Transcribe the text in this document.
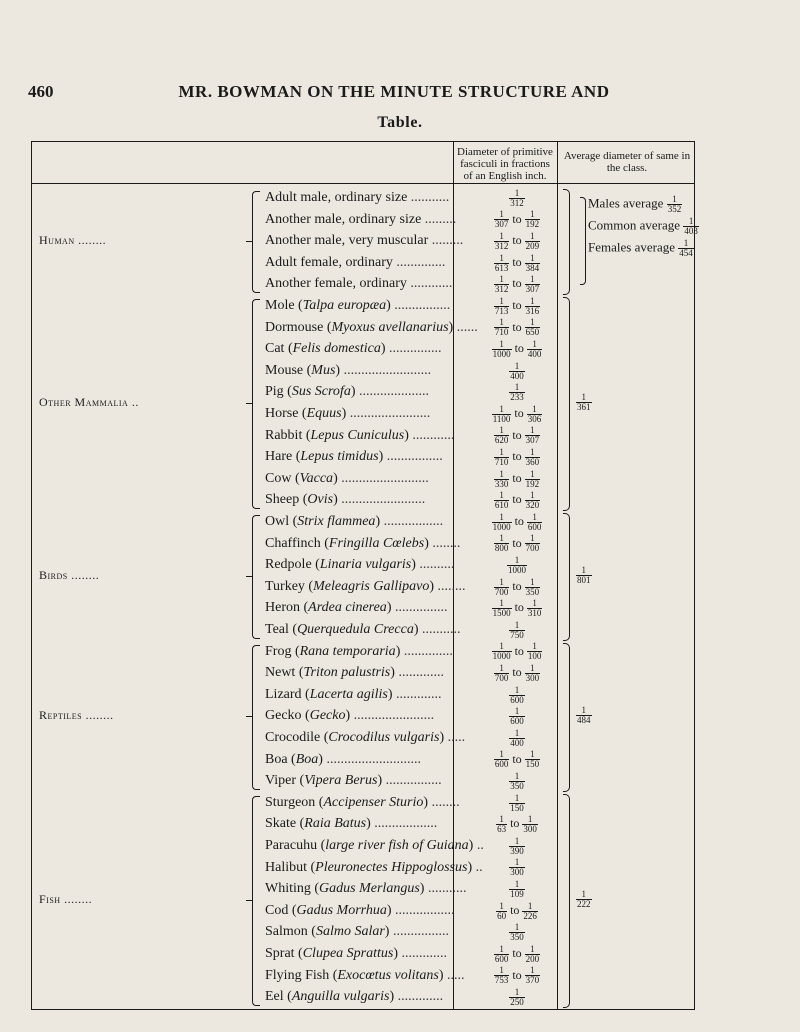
460	MR. BOWMAN ON THE MINUTE STRUCTURE AND
Table.
Diameter of primitive fasciculi in fractions of an English inch.
Average diameter of same in the class.
Human ........
Adult male, ordinary size ...........	$\frac{1}{312}$
Another male, ordinary size .........	$\frac{1}{307}$ to $\frac{1}{192}$
Another male, very muscular .........	$\frac{1}{312}$ to $\frac{1}{209}$
Adult female, ordinary ..............	$\frac{1}{613}$ to $\frac{1}{384}$
Another female, ordinary ............	$\frac{1}{312}$ to $\frac{1}{307}$
Males average $\frac{1}{352}$
Common average $\frac{1}{403}$
Females average $\frac{1}{454}$
Other Mammalia ..
Mole (Talpa europæa) ................	$\frac{1}{713}$ to $\frac{1}{316}$
Dormouse (Myoxus avellanarius) ...... $\frac{1}{710}$ to $\frac{1}{650}$
Cat (Felis domestica) ...............	$\frac{1}{1000}$ to $\frac{1}{400}$
Mouse (Mus) .........................	$\frac{1}{400}$
Pig (Sus Scrofa) ....................	$\frac{1}{233}$
Horse (Equus) .......................	$\frac{1}{1100}$ to $\frac{1}{306}$
Rabbit (Lepus Cuniculus) ............	$\frac{1}{620}$ to $\frac{1}{307}$
Hare (Lepus timidus) ................	$\frac{1}{710}$ to $\frac{1}{360}$
Cow (Vacca) .........................	$\frac{1}{330}$ to $\frac{1}{192}$
Sheep (Ovis) ........................	$\frac{1}{610}$ to $\frac{1}{320}$
$\frac{1}{361}$
Birds ........
Owl (Strix flammea) .................	$\frac{1}{1000}$ to $\frac{1}{600}$
Chaffinch (Fringilla Cœlebs) ........	$\frac{1}{800}$ to $\frac{1}{700}$
Redpole (Linaria vulgaris) ..........	$\frac{1}{1000}$
Turkey (Meleagris Gallipavo) ........	$\frac{1}{700}$ to $\frac{1}{350}$
Heron (Ardea cinerea) ...............	$\frac{1}{1500}$ to $\frac{1}{310}$
Teal (Querquedula Crecca) ...........	$\frac{1}{750}$
$\frac{1}{801}$
Reptiles ........
Frog (Rana temporaria) ..............	$\frac{1}{1000}$ to $\frac{1}{100}$
Newt (Triton palustris) .............	$\frac{1}{700}$ to $\frac{1}{300}$
Lizard (Lacerta agilis) .............	$\frac{1}{600}$
Gecko (Gecko) .......................	$\frac{1}{600}$
Crocodile (Crocodilus vulgaris) .....	$\frac{1}{400}$
Boa (Boa) ...........................	$\frac{1}{600}$ to $\frac{1}{150}$
Viper (Vipera Berus) ................	$\frac{1}{350}$
$\frac{1}{484}$
Fish ........
Sturgeon (Accipenser Sturio) ........	$\frac{1}{150}$
Skate (Raia Batus) ..................	$\frac{1}{63}$ to $\frac{1}{300}$
Paracuhu (large river fish of Guiana) ..	$\frac{1}{390}$
Halibut (Pleuronectes Hippoglossus) ..	$\frac{1}{300}$
Whiting (Gadus Merlangus) ...........	$\frac{1}{109}$
Cod (Gadus Morrhua) .................	$\frac{1}{60}$ to $\frac{1}{226}$
Salmon (Salmo Salar) ................	$\frac{1}{350}$
Sprat (Clupea Sprattus) .............	$\frac{1}{600}$ to $\frac{1}{200}$
Flying Fish (Exocœtus volitans) .....	$\frac{1}{753}$ to $\frac{1}{370}$
Eel (Anguilla vulgaris) .............	$\frac{1}{250}$
$\frac{1}{222}$
